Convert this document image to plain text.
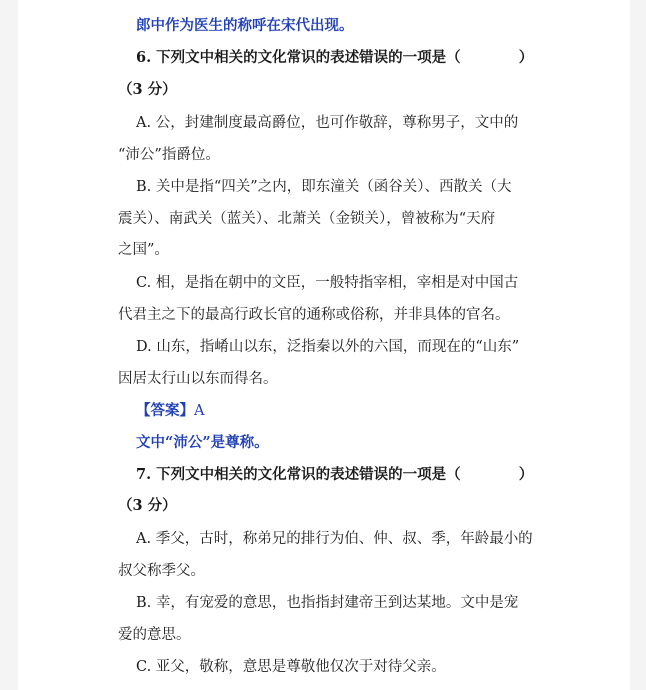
郎中作为医生的称呼在宋代出现。
6. 下列文中相关的文化常识的表述错误的一项是（	）
（3 分）
A. 公，封建制度最高爵位，也可作敬辞，尊称男子，文中的
“沛公”指爵位。
B. 关中是指“四关”之内，即东潼关（函谷关）、西散关（大
震关）、南武关（蓝关）、北萧关（金锁关），曾被称为“天府
之国”。
C. 相，是指在朝中的文臣，一般特指宰相，宰相是对中国古
代君主之下的最高行政长官的通称或俗称，并非具体的官名。
D. 山东，指崤山以东，泛指秦以外的六国，而现在的“山东”
因居太行山以东而得名。
【答案】A
文中“沛公”是尊称。
7. 下列文中相关的文化常识的表述错误的一项是（	）
（3 分）
A. 季父，古时，称弟兄的排行为伯、仲、叔、季，年龄最小的
叔父称季父。
B. 幸，有宠爱的意思，也指指封建帝王到达某地。文中是宠
爱的意思。
C. 亚父，敬称，意思是尊敬他仅次于对待父亲。
